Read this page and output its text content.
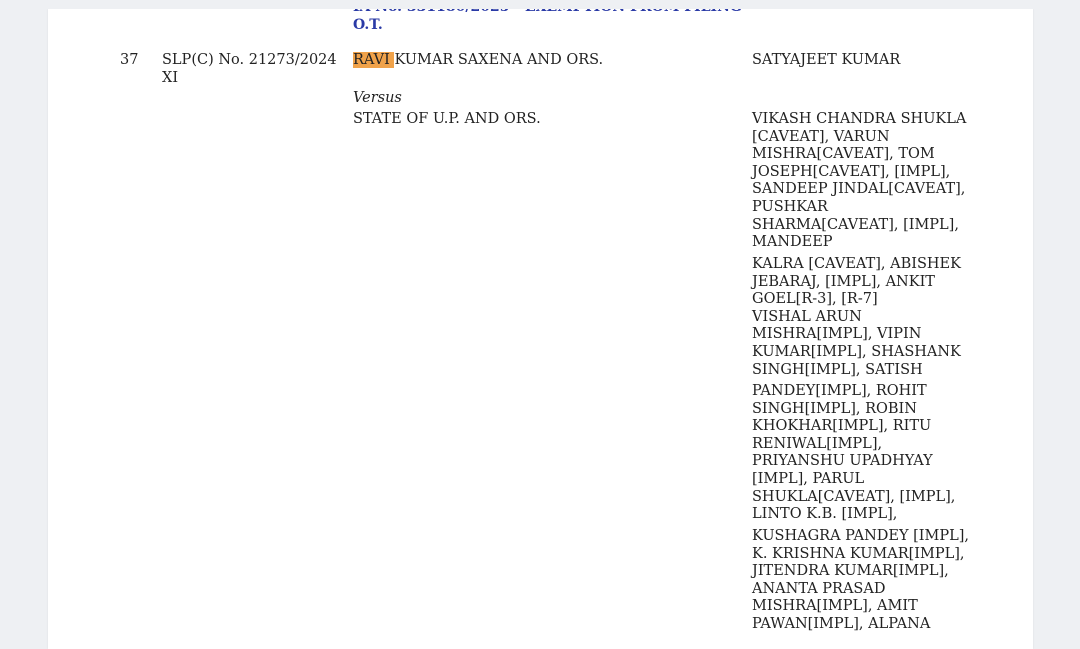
O.T.
37 SLP(C) No. 21273/2024
XI
RAVI KUMAR SAXENA AND ORS.
Versus
STATE OF U.P. AND ORS.
SATYAJEET KUMAR
VIKASH CHANDRA SHUKLA
[CAVEAT], VARUN
MISHRA[CAVEAT], TOM
JOSEPH[CAVEAT], [IMPL],
SANDEEP JINDAL[CAVEAT],
PUSHKAR
SHARMA[CAVEAT], [IMPL],
MANDEEP
KALRA [CAVEAT], ABISHEK
JEBARAJ, [IMPL], ANKIT
GOEL[R-3], [R-7]
VISHAL ARUN
MISHRA[IMPL], VIPIN
KUMAR[IMPL], SHASHANK
SINGH[IMPL], SATISH
PANDEY[IMPL], ROHIT
SINGH[IMPL], ROBIN
KHOKHAR[IMPL], RITU
RENIWAL[IMPL],
PRIYANSHU UPADHYAY
[IMPL], PARUL
SHUKLA[CAVEAT], [IMPL],
LINTO K.B. [IMPL],
KUSHAGRA PANDEY [IMPL],
K. KRISHNA KUMAR[IMPL],
JITENDRA KUMAR[IMPL],
ANANTA PRASAD
MISHRA[IMPL], AMIT
PAWAN[IMPL], ALPANA
